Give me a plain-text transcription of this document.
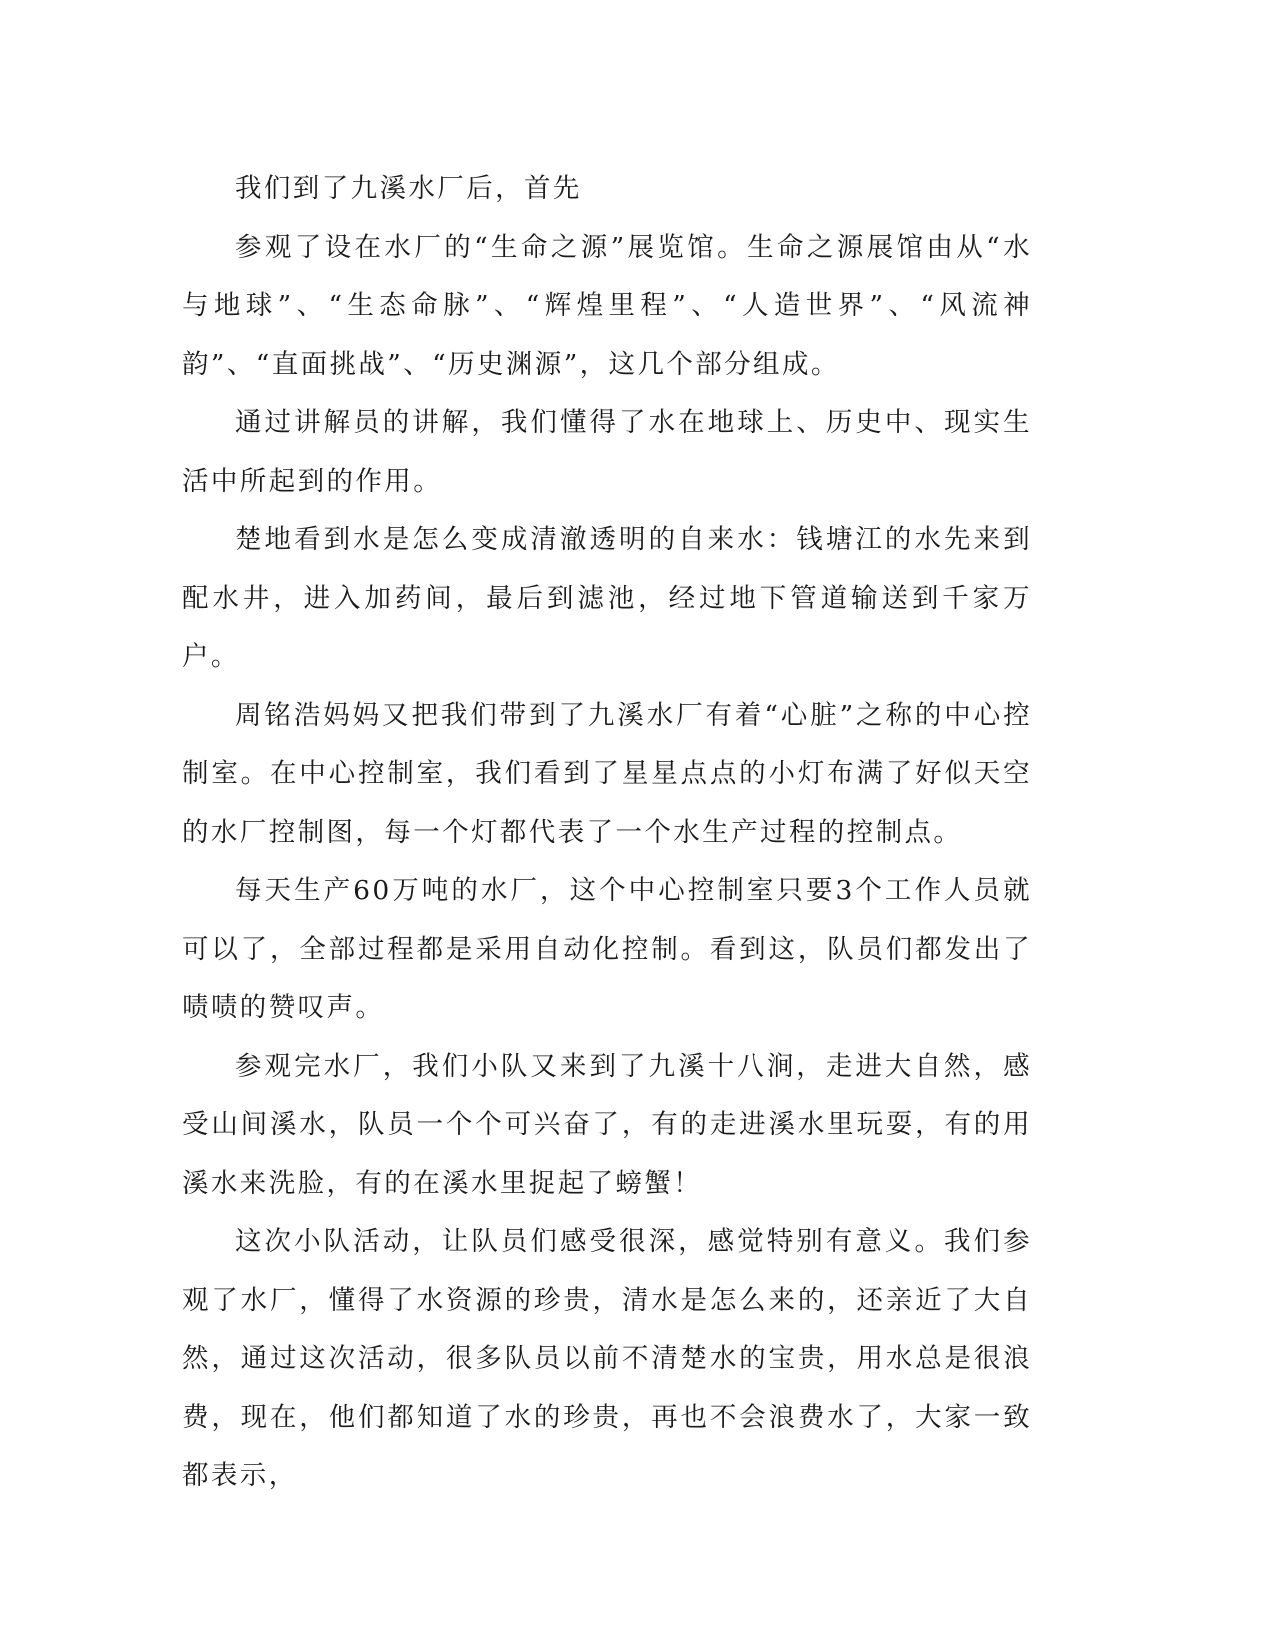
我们到了九溪水厂后，首先

参观了设在水厂的“生命之源”展览馆。生命之源展馆由从“水与地球”、“生态命脉”、“辉煌里程”、“人造世界”、“风流神韵”、“直面挑战”、“历史渊源”，这几个部分组成。

通过讲解员的讲解，我们懂得了水在地球上、历史中、现实生活中所起到的作用。

楚地看到水是怎么变成清澈透明的自来水：钱塘江的水先来到配水井，进入加药间，最后到滤池，经过地下管道输送到千家万户。

周铭浩妈妈又把我们带到了九溪水厂有着“心脏”之称的中心控制室。在中心控制室，我们看到了星星点点的小灯布满了好似天空的水厂控制图，每一个灯都代表了一个水生产过程的控制点。

每天生产60万吨的水厂，这个中心控制室只要3个工作人员就可以了，全部过程都是采用自动化控制。看到这，队员们都发出了啧啧的赞叹声。

参观完水厂，我们小队又来到了九溪十八涧，走进大自然，感受山间溪水，队员一个个可兴奋了，有的走进溪水里玩耍，有的用溪水来洗脸，有的在溪水里捉起了螃蟹！

这次小队活动，让队员们感受很深，感觉特别有意义。我们参观了水厂，懂得了水资源的珍贵，清水是怎么来的，还亲近了大自然，通过这次活动，很多队员以前不清楚水的宝贵，用水总是很浪费，现在，他们都知道了水的珍贵，再也不会浪费水了，大家一致都表示，
